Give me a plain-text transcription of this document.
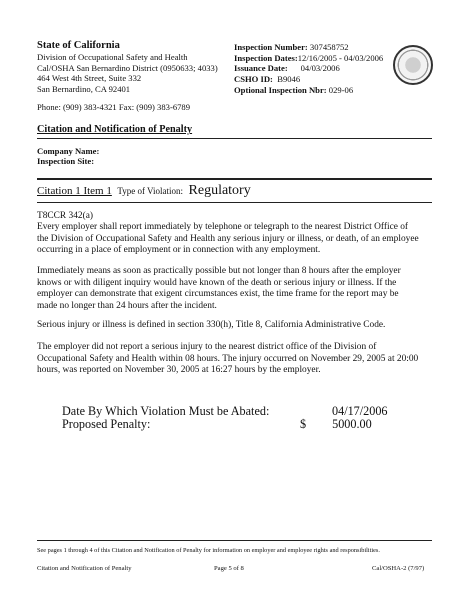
State of California
Division of Occupational Safety and Health
Cal/OSHA San Bernardino District (0950633; 4033)
464 West 4th Street, Suite 332
San Bernardino, CA 92401
Inspection Number: 307458752
Inspection Dates:12/16/2005 - 04/03/2006
Issuance Date: 04/03/2006
CSHO ID: B9046
Optional Inspection Nbr: 029-06
Phone: (909) 383-4321 Fax: (909) 383-6789
Citation and Notification of Penalty
Company Name:
Inspection Site:
Citation 1 Item 1 Type of Violation: Regulatory

T8CCR 342(a)

Every employer shall report immediately by telephone or telegraph to the nearest District Office of

the Division of Occupational Safety and Health any serious injury or illness, or death, of an employee

occurring in a place of employment or in connection with any employment.

Immediately means as soon as practically possible but not longer than 8 hours after the employer

knows or with diligent inquiry would have known of the death or serious injury or illness. If the

employer can demonstrate that exigent circumstances exist, the time frame for the report may be

made no longer than 24 hours after the incident.

Serious injury or illness is defined in section 330(h), Title 8, California Administrative Code.

The employer did not report a serious injury to the nearest district office of the Division of

Occupational Safety and Health within 08 hours. The injury occurred on November 29, 2005 at 20:00

hours, was reported on November 30, 2005 at 16:27 hours by the employer.

Date By Which Violation Must be Abated:
Proposed Penalty:
04/17/2006
$ 5000.00
See pages 1 through 4 of this Citation and Notification of Penalty for information on employer and employee rights and responsibilities.
Citation and Notification of Penalty	Page 5 of 8	Cal/OSHA-2 (7/97)
